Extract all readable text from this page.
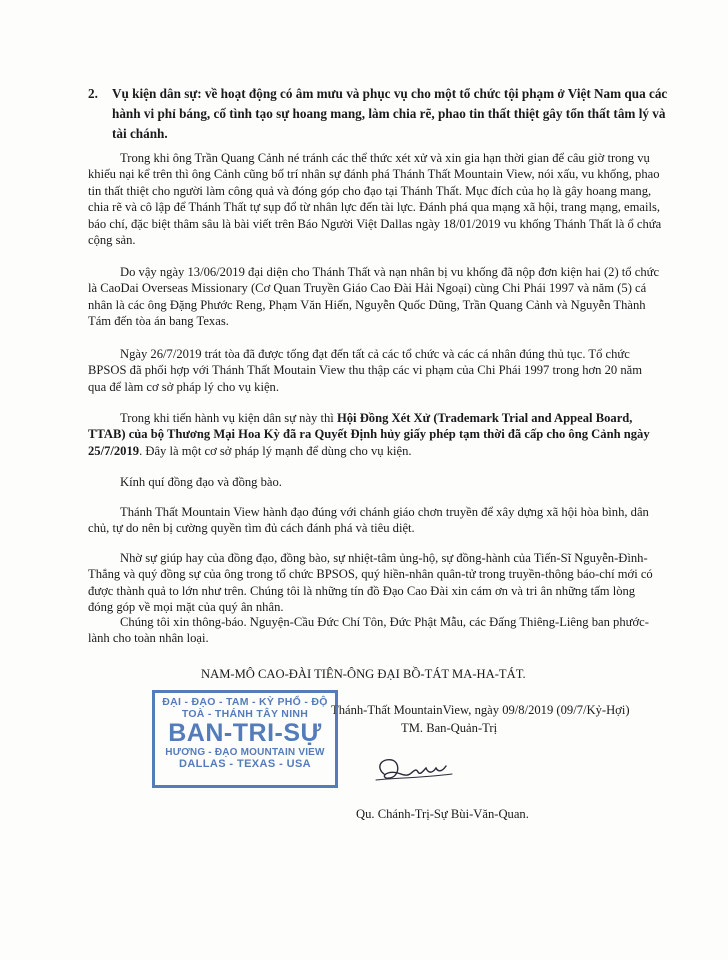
2. Vụ kiện dân sự: về hoạt động có âm mưu và phục vụ cho một tổ chức tội phạm ở Việt Nam qua các hành vi phỉ báng, cố tình tạo sự hoang mang, làm chia rẽ, phao tin thất thiệt gây tổn thất tâm lý và tài chánh.
Trong khi ông Trần Quang Cảnh né tránh các thể thức xét xử và xin gia hạn thời gian để câu giờ trong vụ khiếu nại kể trên thì ông Cảnh cũng bố trí nhân sự đánh phá Thánh Thất Mountain View, nói xấu, vu khống, phao tin thất thiệt cho người làm công quả và đóng góp cho đạo tại Thánh Thất. Mục đích của họ là gây hoang mang, chia rẽ và cô lập để Thánh Thất tự sụp đổ từ nhân lực đến tài lực. Đánh phá qua mạng xã hội, trang mạng, emails, báo chí, đặc biệt thâm sâu là bài viết trên Báo Người Việt Dallas ngày 18/01/2019 vu khống Thánh Thất là ổ chứa cộng sản.
Do vậy ngày 13/06/2019 đại diện cho Thánh Thất và nạn nhân bị vu khống đã nộp đơn kiện hai (2) tổ chức là CaoDai Overseas Missionary (Cơ Quan Truyền Giáo Cao Đài Hải Ngoại) cùng Chi Phái 1997 và năm (5) cá nhân là các ông Đặng Phước Reng, Phạm Văn Hiến, Nguyễn Quốc Dũng, Trần Quang Cảnh và Nguyễn Thành Tám đến tòa án bang Texas.
Ngày 26/7/2019 trát tòa đã được tống đạt đến tất cả các tổ chức và các cá nhân đúng thủ tục. Tổ chức BPSOS đã phối hợp với Thánh Thất Moutain View thu thập các vi phạm của Chi Phái 1997 trong hơn 20 năm qua để làm cơ sở pháp lý cho vụ kiện.
Trong khi tiến hành vụ kiện dân sự này thì Hội Đồng Xét Xử (Trademark Trial and Appeal Board, TTAB) của bộ Thương Mại Hoa Kỳ đã ra Quyết Định hủy giấy phép tạm thời đã cấp cho ông Cảnh ngày 25/7/2019. Đây là một cơ sở pháp lý mạnh để dùng cho vụ kiện.
Kính quí đồng đạo và đồng bào.
Thánh Thất Mountain View hành đạo đúng với chánh giáo chơn truyền để xây dựng xã hội hòa bình, dân chủ, tự do nên bị cường quyền tìm đủ cách đánh phá và tiêu diệt.
Nhờ sự giúp hay của đồng đạo, đồng bào, sự nhiệt-tâm ủng-hộ, sự đồng-hành của Tiến-Sĩ Nguyễn-Đình-Thắng và quý đồng sự của ông trong tổ chức BPSOS, quý hiền-nhân quân-tử trong truyền-thông báo-chí mới có được thành quả to lớn như trên. Chúng tôi là những tín đồ Đạo Cao Đài xin cám ơn và tri ân những tấm lòng đóng góp về mọi mặt của quý ân nhân.
Chúng tôi xin thông-báo. Nguyện-Cầu Đức Chí Tôn, Đức Phật Mẫu, các Đấng Thiêng-Liêng ban phước-lành cho toàn nhân loại.
NAM-MÔ CAO-ĐÀI TIÊN-ÔNG ĐẠI BỒ-TÁT MA-HA-TÁT.
Thánh-Thất MountainView, ngày 09/8/2019 (09/7/Kỷ-Hợi)
TM. Ban-Quản-Trị
Qu. Chánh-Trị-Sự Bùi-Văn-Quan.
ĐẠI - ĐẠO - TAM - KỲ PHỔ - ĐỘ
TOÀ - THÁNH TÂY NINH
BAN-TRI-SỰ
HƯƠNG - ĐẠO MOUNTAIN VIEW
DALLAS - TEXAS - USA
